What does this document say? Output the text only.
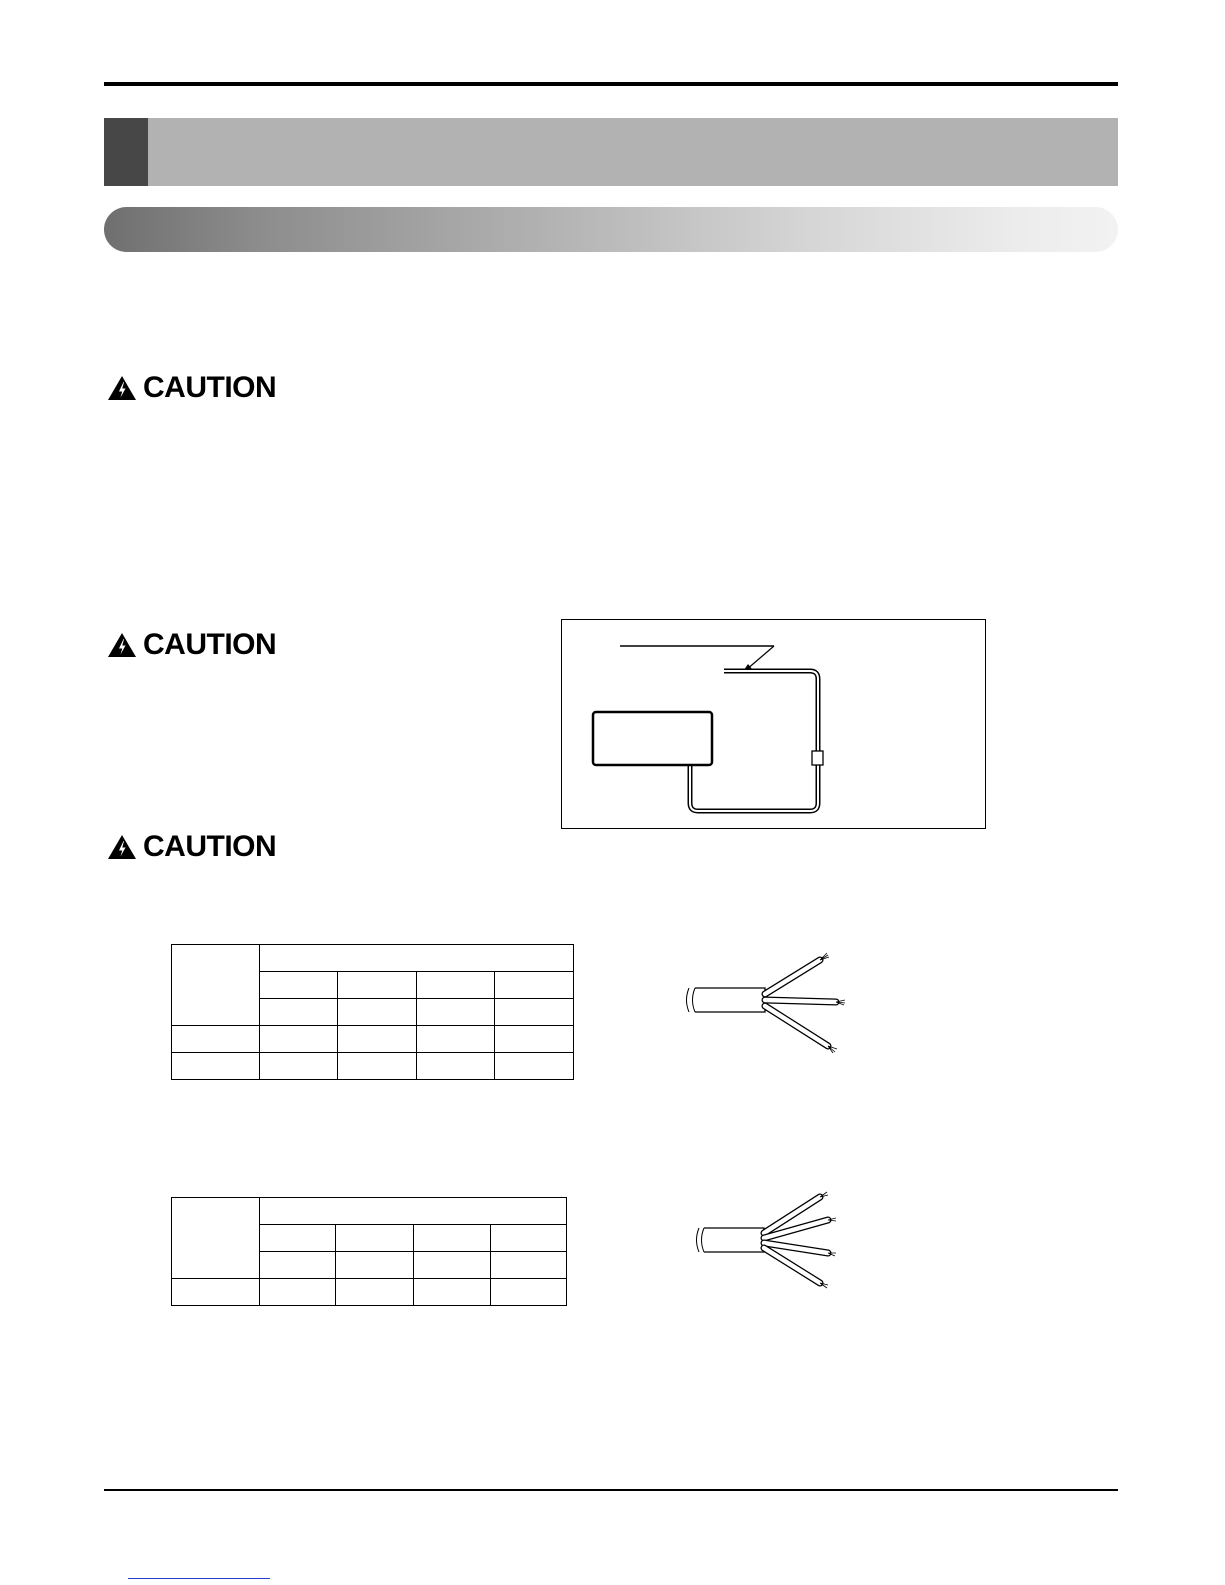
CAUTION
CAUTION
CAUTION
